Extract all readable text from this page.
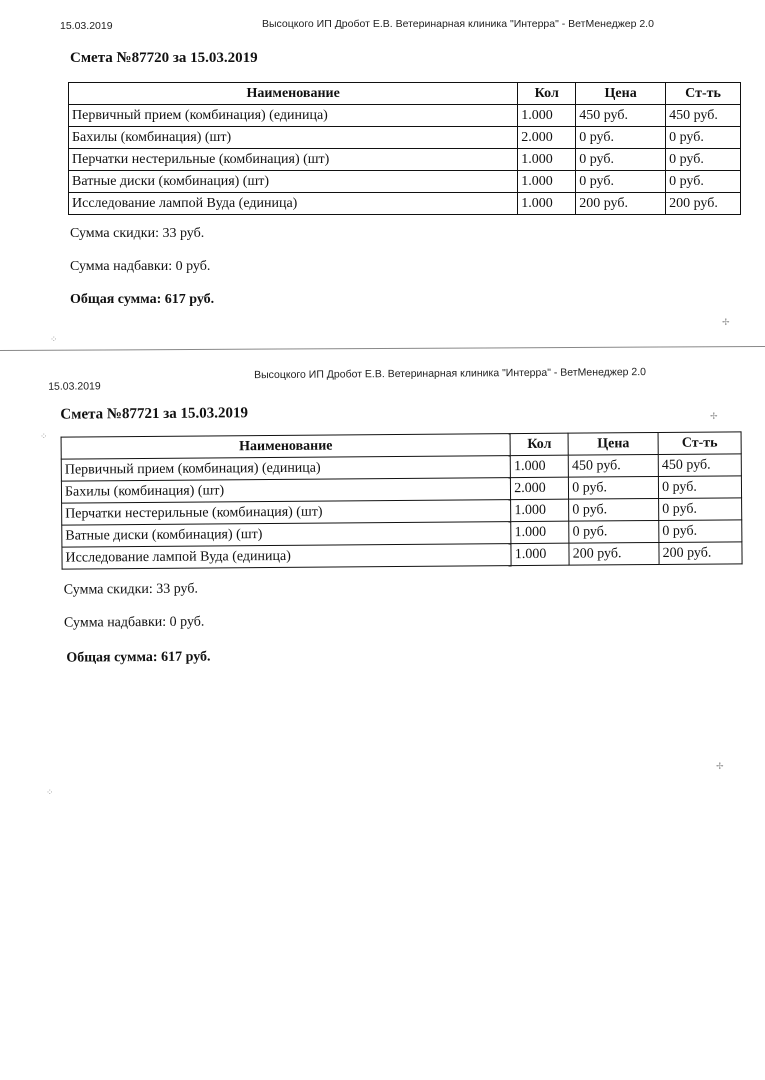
15.03.2019	Высоцкого ИП Дробот Е.В. Ветеринарная клиника "Интерра" - ВетМенеджер 2.0
Смета №87720 за 15.03.2019
Наименование	Кол	Цена	Ст-ть
Первичный прием (комбинация) (единица)	1.000	450 руб.	450 руб.
Бахилы (комбинация) (шт)	2.000	0 руб.	0 руб.
Перчатки нестерильные (комбинация) (шт)	1.000	0 руб.	0 руб.
Ватные диски (комбинация) (шт)	1.000	0 руб.	0 руб.
Исследование лампой Вуда (единица)	1.000	200 руб.	200 руб.
Сумма скидки: 33 руб.
Сумма надбавки: 0 руб.
Общая сумма: 617 руб.
15.03.2019
Высоцкого ИП Дробот Е.В. Ветеринарная клиника "Интерра" - ВетМенеджер 2.0
Смета №87721 за 15.03.2019
Наименование	Кол	Цена	Ст-ть
Первичный прием (комбинация) (единица)	1.000	450 руб.	450 руб.
Бахилы (комбинация) (шт)	2.000	0 руб.	0 руб.
Перчатки нестерильные (комбинация) (шт)	1.000	0 руб.	0 руб.
Ватные диски (комбинация) (шт)	1.000	0 руб.	0 руб.
Исследование лампой Вуда (единица)	1.000	200 руб.	200 руб.
Сумма скидки: 33 руб.
Сумма надбавки: 0 руб.
Общая сумма: 617 руб.
✢
⁘
✢
⁘
✢
⁘
